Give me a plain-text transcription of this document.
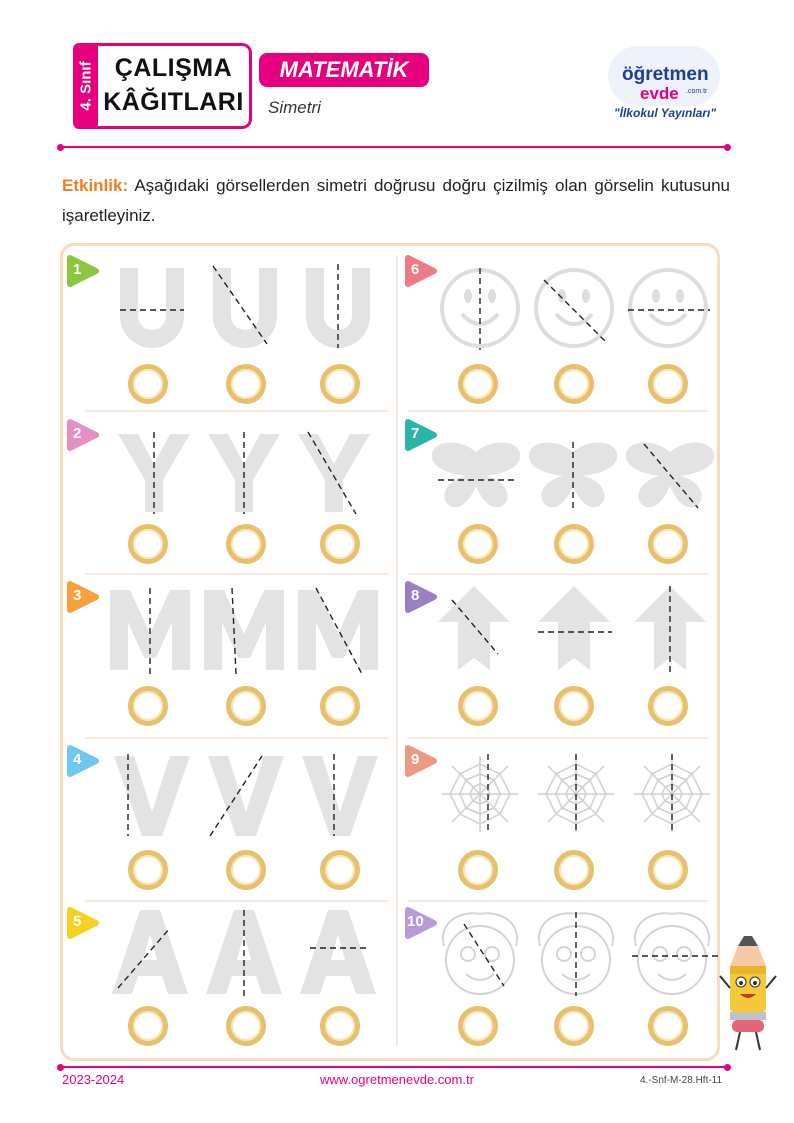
4. Sınıf ÇALIŞMA
KÂĞITLARI
MATEMATİK
Simetri
öğretmen
evde .com.tr
"İlkokul Yayınları"
Etkinlik: Aşağıdaki görsellerden simetri doğrusu doğru çizilmiş olan görselin kutusunu işaretleyiniz.
1	6
2	7
3	8
4	9
5	10
2023-2024	www.ogretmenevde.com.tr	4.-Snf-M-28.Hft-11
